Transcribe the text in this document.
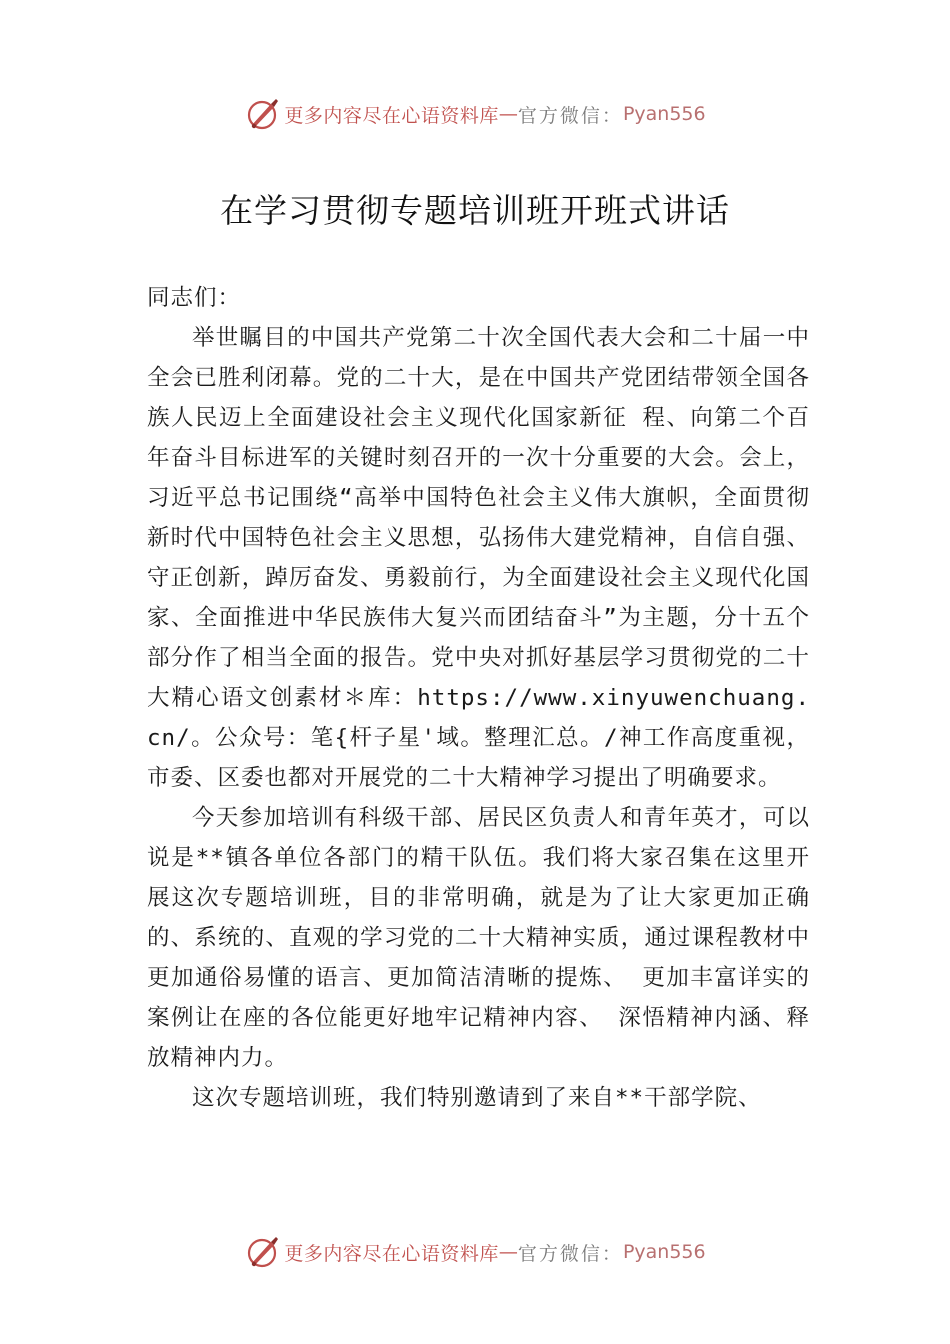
更多内容尽在心语资料库 — 官方微信： Pyan556
在学习贯彻专题培训班开班式讲话

同志们：

举世瞩目的中国共产党第二十次全国代表大会和二十届一中全会已胜利闭幕。党的二十大，是在中国共产党团结带领全国各族人民迈上全面建设社会主义现代化国家新征 程、向第二个百年奋斗目标进军的关键时刻召开的一次十分重要的大会。会上，习近平总书记围绕“高举中国特色社会主义伟大旗帜，全面贯彻新时代中国特色社会主义思想，弘扬伟大建党精神，自信自强、守正创新，踔厉奋发、勇毅前行，为全面建设社会主义现代化国家、全面推进中华民族伟大复兴而团结奋斗”为主题，分十五个部分作了相当全面的报告。党中央对抓好基层学习贯彻党的二十大精心语文创素材＊库：https://www.xinyuwenchuang.cn/。公众号：笔{杆子星'域。整理汇总。/神工作高度重视，市委、区委也都对开展党的二十大精神学习提出了明确要求。

今天参加培训有科级干部、居民区负责人和青年英才，可以说是**镇各单位各部门的精干队伍。我们将大家召集在这里开展这次专题培训班，目的非常明确，就是为了让大家更加正确的、系统的、直观的学习党的二十大精神实质，通过课程教材中更加通俗易懂的语言、更加简洁清晰的提炼、 更加丰富详实的案例让在座的各位能更好地牢记精神内容、 深悟精神内涵、释放精神内力。

这次专题培训班，我们特别邀请到了来自**干部学院、

更多内容尽在心语资料库 — 官方微信： Pyan556
